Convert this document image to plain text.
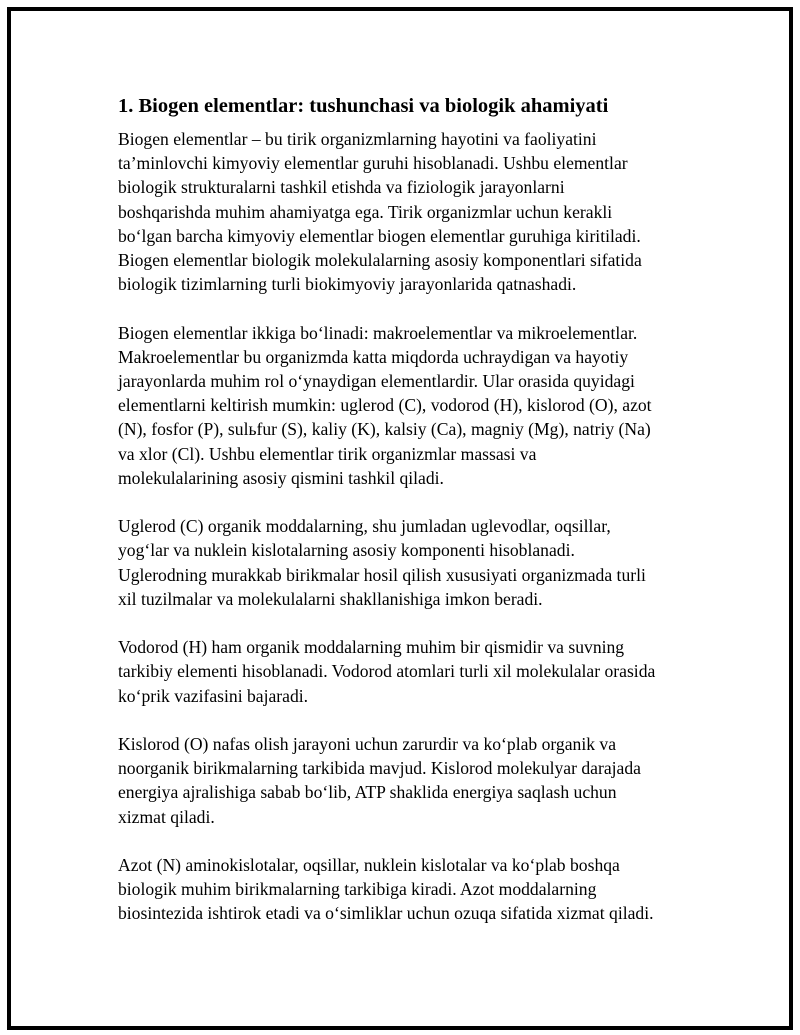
1. Biogen elementlar: tushunchasi va biologik ahamiyati

Biogen elementlar – bu tirik organizmlarning hayotini va faoliyatini
ta’minlovchi kimyoviy elementlar guruhi hisoblanadi. Ushbu elementlar
biologik strukturalarni tashkil etishda va fiziologik jarayonlarni
boshqarishda muhim ahamiyatga ega. Tirik organizmlar uchun kerakli
bo‘lgan barcha kimyoviy elementlar biogen elementlar guruhiga kiritiladi.
Biogen elementlar biologik molekulalarning asosiy komponentlari sifatida
biologik tizimlarning turli biokimyoviy jarayonlarida qatnashadi.

Biogen elementlar ikkiga bo‘linadi: makroelementlar va mikroelementlar.
Makroelementlar bu organizmda katta miqdorda uchraydigan va hayotiy
jarayonlarda muhim rol o‘ynaydigan elementlardir. Ular orasida quyidagi
elementlarni keltirish mumkin: uglerod (C), vodorod (H), kislorod (O), azot
(N), fosfor (P), sulьfur (S), kaliy (K), kalsiy (Ca), magniy (Mg), natriy (Na)
va xlor (Cl). Ushbu elementlar tirik organizmlar massasi va
molekulalarining asosiy qismini tashkil qiladi.

Uglerod (C) organik moddalarning, shu jumladan uglevodlar, oqsillar,
yog‘lar va nuklein kislotalarning asosiy komponenti hisoblanadi.
Uglerodning murakkab birikmalar hosil qilish xususiyati organizmada turli
xil tuzilmalar va molekulalarni shakllanishiga imkon beradi.

Vodorod (H) ham organik moddalarning muhim bir qismidir va suvning
tarkibiy elementi hisoblanadi. Vodorod atomlari turli xil molekulalar orasida
ko‘prik vazifasini bajaradi.

Kislorod (O) nafas olish jarayoni uchun zarurdir va ko‘plab organik va
noorganik birikmalarning tarkibida mavjud. Kislorod molekulyar darajada
energiya ajralishiga sabab bo‘lib, ATP shaklida energiya saqlash uchun
xizmat qiladi.

Azot (N) aminokislotalar, oqsillar, nuklein kislotalar va ko‘plab boshqa
biologik muhim birikmalarning tarkibiga kiradi. Azot moddalarning
biosintezida ishtirok etadi va o‘simliklar uchun ozuqa sifatida xizmat qiladi.
